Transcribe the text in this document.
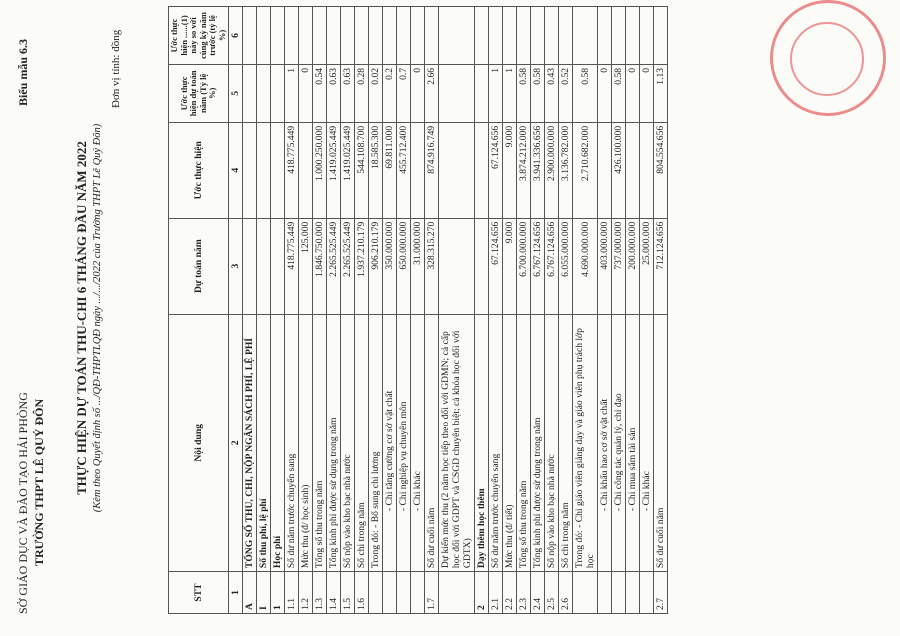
SỞ GIÁO DỤC VÀ ĐÀO TẠO HẢI PHÒNG TRƯỜNG THPT LÊ QUÝ ĐÔN
Biểu mẫu 6.3
THỰC HIỆN DỰ TOÁN THU-CHI 6 THÁNG ĐẦU NĂM 2022 (Kèm theo Quyết định số .../QĐ-THPTLQĐ ngày .../.../2022 của Trường THPT Lê Quý Đôn)
Đơn vị tính: đồng
STT	Nội dung	Dự toán năm	Ước thực hiện	Ước thực hiện dự toán năm (Tỷ lệ %)	Ước thực hiện ......(1) này so với cùng kỳ năm trước (tỷ lệ %)
1	2	3	4	5	6
A	TỔNG SỐ THU, CHI, NỘP NGÂN SÁCH PHÍ, LỆ PHÍ				
I	Số thu phí, lệ phí				
1	Học phí				
1.1	Số dư năm trước chuyển sang	418.775.449	418.775.449	1	
1.2	Mức thu (đ/ học sinh)	125.000		0	
1.3	Tổng số thu trong năm	1.846.750.000	1.000.250.000	0.54	
1.4	Tổng kinh phí được sử dụng trong năm	2.265.525.449	1.419.025.449	0.63	
1.5	Số nộp vào kho bạc nhà nước	2.265.525.449	1.419.025.449	0.63	
1.6	Số chi trong năm	1.937.210.179	544.108.700	0.28	
	Trong đó: - Bổ sung chi lương	906.210.179	18.585.300	0.02	
	- Chi tăng cường cơ sở vật chất	350.000.000	69.811.000	0.2	
	- Chi nghiệp vụ chuyên môn	650.000.000	455.712.400	0.7	
	- Chi khác	31.000.000		0	
1.7	Số dư cuối năm	328.315.270	874.916.749	2.66	
	Dự kiến mức thu (2 năm học tiếp theo đối với GDMN; cả cấp học đối với GDPT và CSGD chuyên biệt; cả khóa học đối với GDTX)				
2	Dạy thêm học thêm				
2.1	Số dư năm trước chuyển sang	67.124.656	67.124.656	1	
2.2	Mức thu (đ/ tiết)	9.000	9.000	1	
2.3	Tổng số thu trong năm	6.700.000.000	3.874.212.000	0.58	
2.4	Tổng kinh phí được sử dụng trong năm	6.767.124.656	3.941.336.656	0.58	
2.5	Số nộp vào kho bạc nhà nước	6.767.124.656	2.900.000.000	0.43	
2.6	Số chi trong năm	6.055.000.000	3.136.782.000	0.52	
	Trong đó: - Chi giáo viên giảng dạy và giáo viên phụ trách lớp học	4.690.000.000	2.710.682.000	0.58	
	- Chi khấu hao cơ sở vật chất	403.000.000		0	
	- Chi công tác quản lý, chỉ đạo	737.000.000	426.100.000	0.58	
	- Chi mua sắm tài sản	200.000.000		0	
	- Chi khác	25.000.000		0	
2.7	Số dư cuối năm	712.124.656	804.554.656	1.13	
